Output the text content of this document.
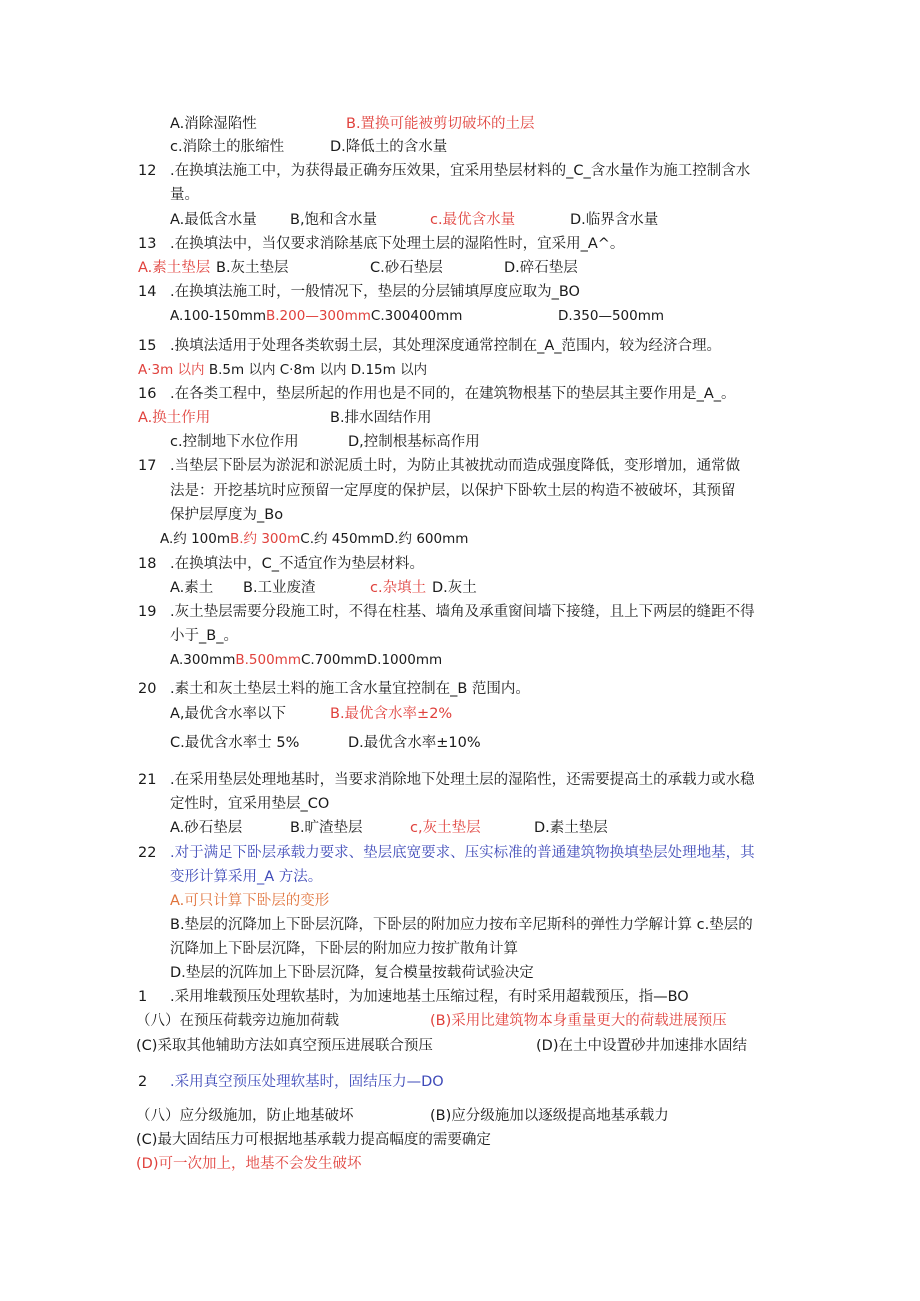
A.消除湿陷性	B.置换可能被剪切破坏的土层
c.消除土的胀缩性	D.降低土的含水量
12 .在换填法施工中，为获得最正确夯压效果，宜采用垫层材料的_C_含水量作为施工控制含水
量。
A.最低含水量 B,饱和含水量	c.最优含水量	D.临界含水量
13 .在换填法中，当仅要求消除基底下处理土层的湿陷性时，宜采用_A^。
A.素土垫层 B.灰土垫层	C.砂石垫层	D.碎石垫层
14 .在换填法施工时，一般情况下，垫层的分层铺填厚度应取为_BO
A.100-150mmB.200—300mmC.300400mm	D.350—500mm
15 .换填法适用于处理各类软弱土层，其处理深度通常控制在_A_范围内，较为经济合理。
A·3m 以内 B.5m 以内 C·8m 以内 D.15m 以内
16 .在各类工程中，垫层所起的作用也是不同的，在建筑物根基下的垫层其主要作用是_A_。
A.换土作用	B.排水固结作用
c.控制地下水位作用	D,控制根基标高作用
17 .当垫层下卧层为淤泥和淤泥质土时，为防止其被扰动而造成强度降低，变形增加，通常做
法是：开挖基坑时应预留一定厚度的保护层，以保护下卧软土层的构造不被破坏，其预留
保护层厚度为_Bo
A.约 100mB.约 300mC.约 450mmD.约 600mm
18 .在换填法中，C_不适宜作为垫层材料。
A.素土 B.工业废渣	c.杂填土 D.灰土
19 .灰土垫层需要分段施工时，不得在柱基、墙角及承重窗间墙下接缝，且上下两层的缝距不得
小于_B_。
A.300mmB.500mmC.700mmD.1000mm
20 .素土和灰土垫层土料的施工含水量宜控制在_B 范围内。
A,最优含水率以下	B.最优含水率±2%
C.最优含水率士 5%	D.最优含水率±10%
21 .在采用垫层处理地基时，当要求消除地下处理土层的湿陷性，还需要提高土的承载力或水稳
定性时，宜采用垫层_CO
A.砂石垫层	B.旷渣垫层	c,灰土垫层	D.素土垫层
22 .对于满足下卧层承载力要求、垫层底宽要求、压实标准的普通建筑物换填垫层处理地基，其
变形计算采用_A 方法。
A.可只计算下卧层的变形
B.垫层的沉降加上下卧层沉降，下卧层的附加应力按布辛尼斯科的弹性力学解计算 c.垫层的
沉降加上下卧层沉降，下卧层的附加应力按扩散角计算
D.垫层的沉阵加上下卧层沉降，复合模量按载荷试验决定
1 .采用堆载预压处理软基时，为加速地基土压缩过程，有时采用超载预压，指—BO
（八）在预压荷载旁边施加荷载	(B)采用比建筑物本身重量更大的荷载进展预压
(C)采取其他辅助方法如真空预压进展联合预压	(D)在土中设置砂井加速排水固结
2 .采用真空预压处理软基时，固结压力—DO
（八）应分级施加，防止地基破坏	(B)应分级施加以逐级提高地基承载力
(C)最大固结压力可根据地基承载力提高幅度的需要确定
(D)可一次加上，地基不会发生破坏
